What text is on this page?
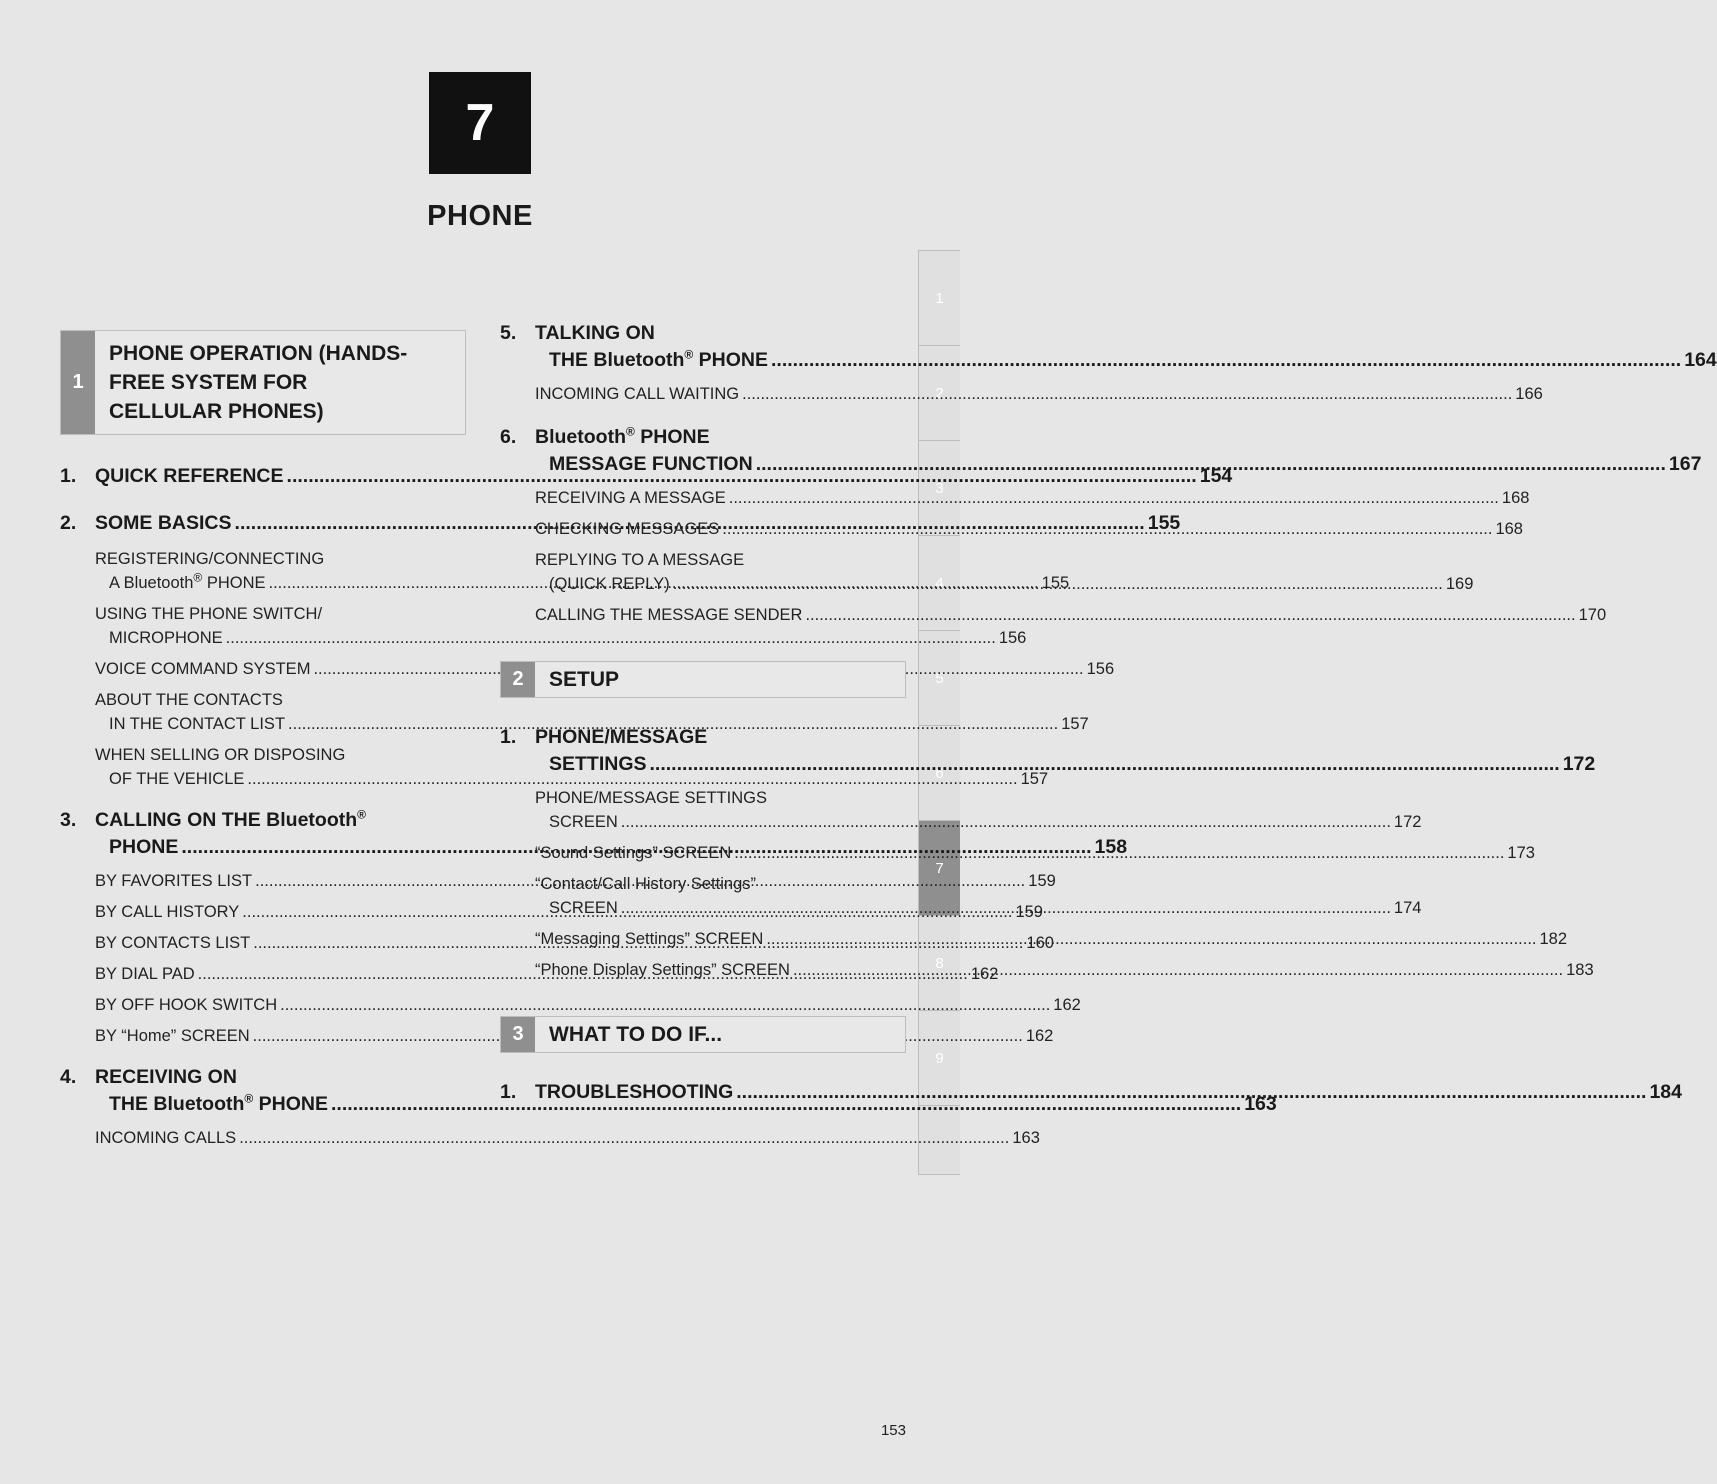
7
PHONE
1
2
3
4
5
6
7
8
9
1
PHONE OPERATION (HANDS-
FREE SYSTEM FOR
CELLULAR PHONES)
1. QUICK REFERENCE .....	154
2. SOME BASICS .....	155
REGISTERING/CONNECTING
A Bluetooth® PHONE .....	155
USING THE PHONE SWITCH/
MICROPHONE .....	156
VOICE COMMAND SYSTEM .....	156
ABOUT THE CONTACTS
IN THE CONTACT LIST .....	157
WHEN SELLING OR DISPOSING
OF THE VEHICLE .....	157
3. CALLING ON THE Bluetooth®
PHONE .....	158
BY FAVORITES LIST .....	159
BY CALL HISTORY .....	159
BY CONTACTS LIST .....	160
BY DIAL PAD .....	162
BY OFF HOOK SWITCH .....	162
BY “Home” SCREEN .....	162
4. RECEIVING ON
THE Bluetooth® PHONE .....	163
INCOMING CALLS .....	163
5. TALKING ON
THE Bluetooth® PHONE .....	164
INCOMING CALL WAITING .....	166
6. Bluetooth® PHONE
MESSAGE FUNCTION .....	167
RECEIVING A MESSAGE .....	168
CHECKING MESSAGES .....	168
REPLYING TO A MESSAGE
(QUICK REPLY) .....	169
CALLING THE MESSAGE SENDER .....	170
2	SETUP
1. PHONE/MESSAGE
SETTINGS .....	172
PHONE/MESSAGE SETTINGS
SCREEN .....	172
“Sound Settings” SCREEN .....	173
“Contact/Call History Settings”
SCREEN .....	174
“Messaging Settings” SCREEN .....	182
“Phone Display Settings” SCREEN .....	183
3	WHAT TO DO IF...
1. TROUBLESHOOTING .....	184
153
